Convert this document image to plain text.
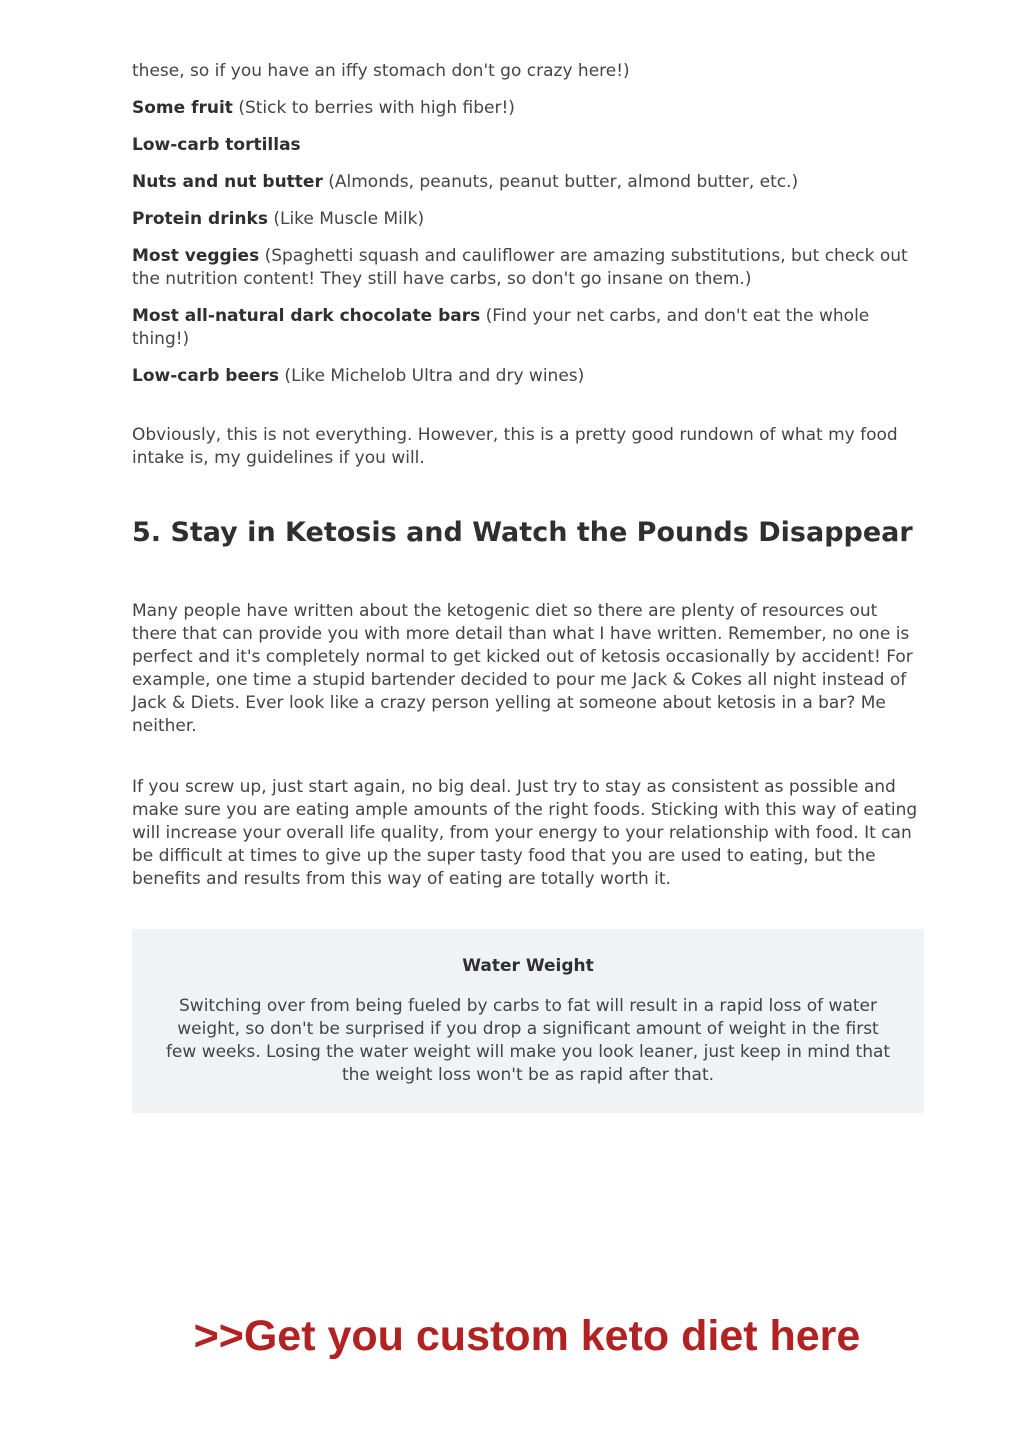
these, so if you have an iffy stomach don't go crazy here!)

Some fruit (Stick to berries with high fiber!)

Low-carb tortillas

Nuts and nut butter (Almonds, peanuts, peanut butter, almond butter, etc.)

Protein drinks (Like Muscle Milk)

Most veggies (Spaghetti squash and cauliflower are amazing substitutions, but check out the nutrition content! They still have carbs, so don't go insane on them.)

Most all-natural dark chocolate bars (Find your net carbs, and don't eat the whole thing!)

Low-carb beers (Like Michelob Ultra and dry wines)

Obviously, this is not everything. However, this is a pretty good rundown of what my food intake is, my guidelines if you will.

5. Stay in Ketosis and Watch the Pounds Disappear

Many people have written about the ketogenic diet so there are plenty of resources out there that can provide you with more detail than what I have written. Remember, no one is perfect and it's completely normal to get kicked out of ketosis occasionally by accident! For example, one time a stupid bartender decided to pour me Jack & Cokes all night instead of Jack & Diets. Ever look like a crazy person yelling at someone about ketosis in a bar? Me neither.

If you screw up, just start again, no big deal. Just try to stay as consistent as possible and make sure you are eating ample amounts of the right foods. Sticking with this way of eating will increase your overall life quality, from your energy to your relationship with food. It can be difficult at times to give up the super tasty food that you are used to eating, but the benefits and results from this way of eating are totally worth it.

Water Weight

Switching over from being fueled by carbs to fat will result in a rapid loss of water weight, so don't be surprised if you drop a significant amount of weight in the first few weeks. Losing the water weight will make you look leaner, just keep in mind that the weight loss won't be as rapid after that.

>>Get you custom keto diet here
